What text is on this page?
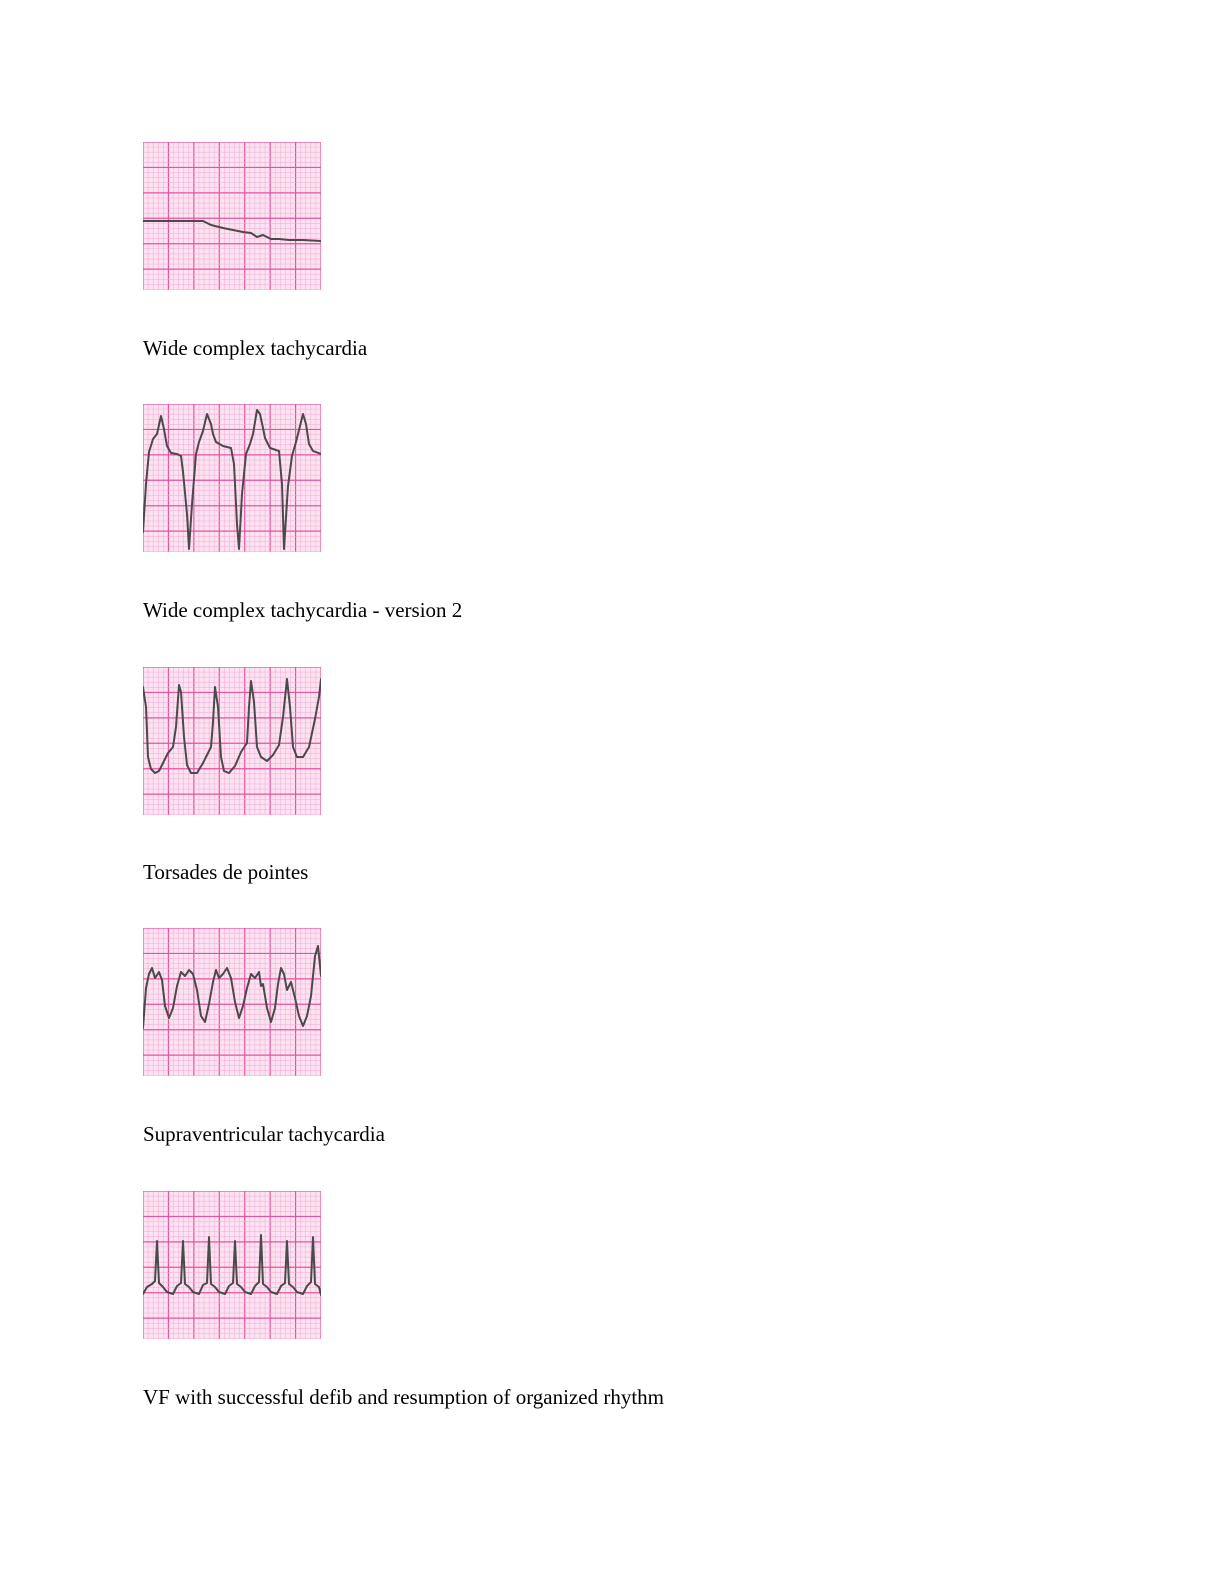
Wide complex tachycardia
Wide complex tachycardia - version 2
Torsades de pointes
Supraventricular tachycardia
VF with successful defib and resumption of organized rhythm
